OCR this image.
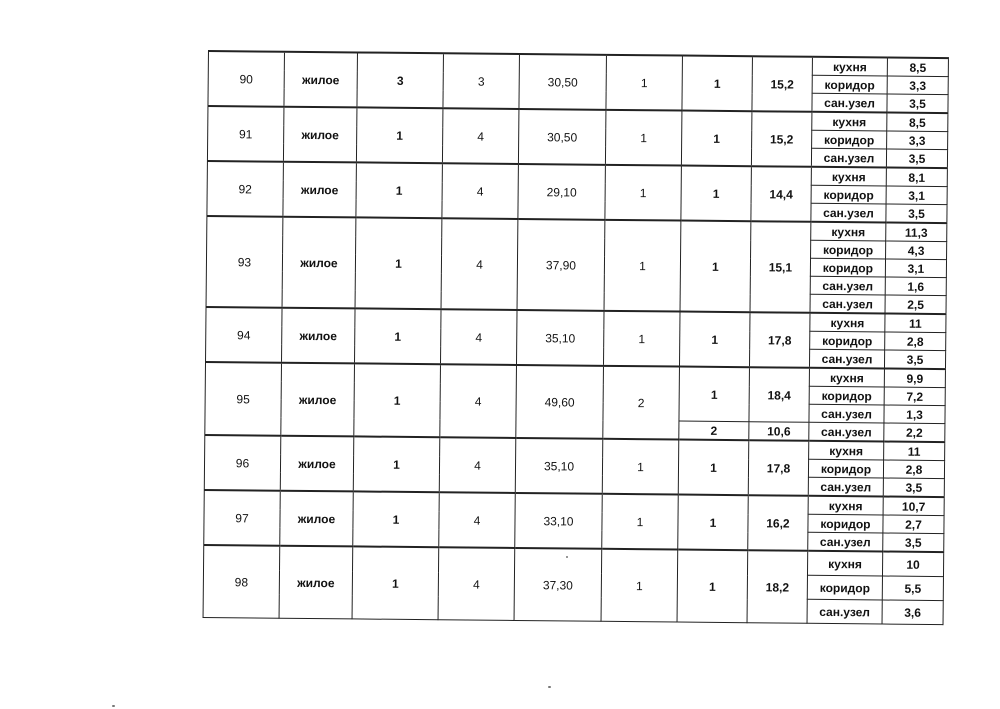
90	жилое	3	3	30,50	1	1	15,2	кухня	8,5
								коридор	3,3
								сан.узел	3,5
91	жилое	1	4	30,50	1	1	15,2	кухня	8,5
								коридор	3,3
								сан.узел	3,5
92	жилое	1	4	29,10	1	1	14,4	кухня	8,1
								коридор	3,1
								сан.узел	3,5
93	жилое	1	4	37,90	1	1	15,1	кухня	11,3
								коридор	4,3
								коридор	3,1
								сан.узел	1,6
								сан.узел	2,5
94	жилое	1	4	35,10	1	1	17,8	кухня	11
								коридор	2,8
								сан.узел	3,5
95	жилое	1	4	49,60	2	1	18,4	кухня	9,9
								коридор	7,2
								сан.узел	1,3
						2	10,6	сан.узел	2,2
96	жилое	1	4	35,10	1	1	17,8	кухня	11
								коридор	2,8
								сан.узел	3,5
97	жилое	1	4	33,10	1	1	16,2	кухня	10,7
								коридор	2,7
								сан.узел	3,5
98	жилое	1	4	37,30	1	1	18,2	кухня	10
								коридор	5,5
								сан.узел	3,6
